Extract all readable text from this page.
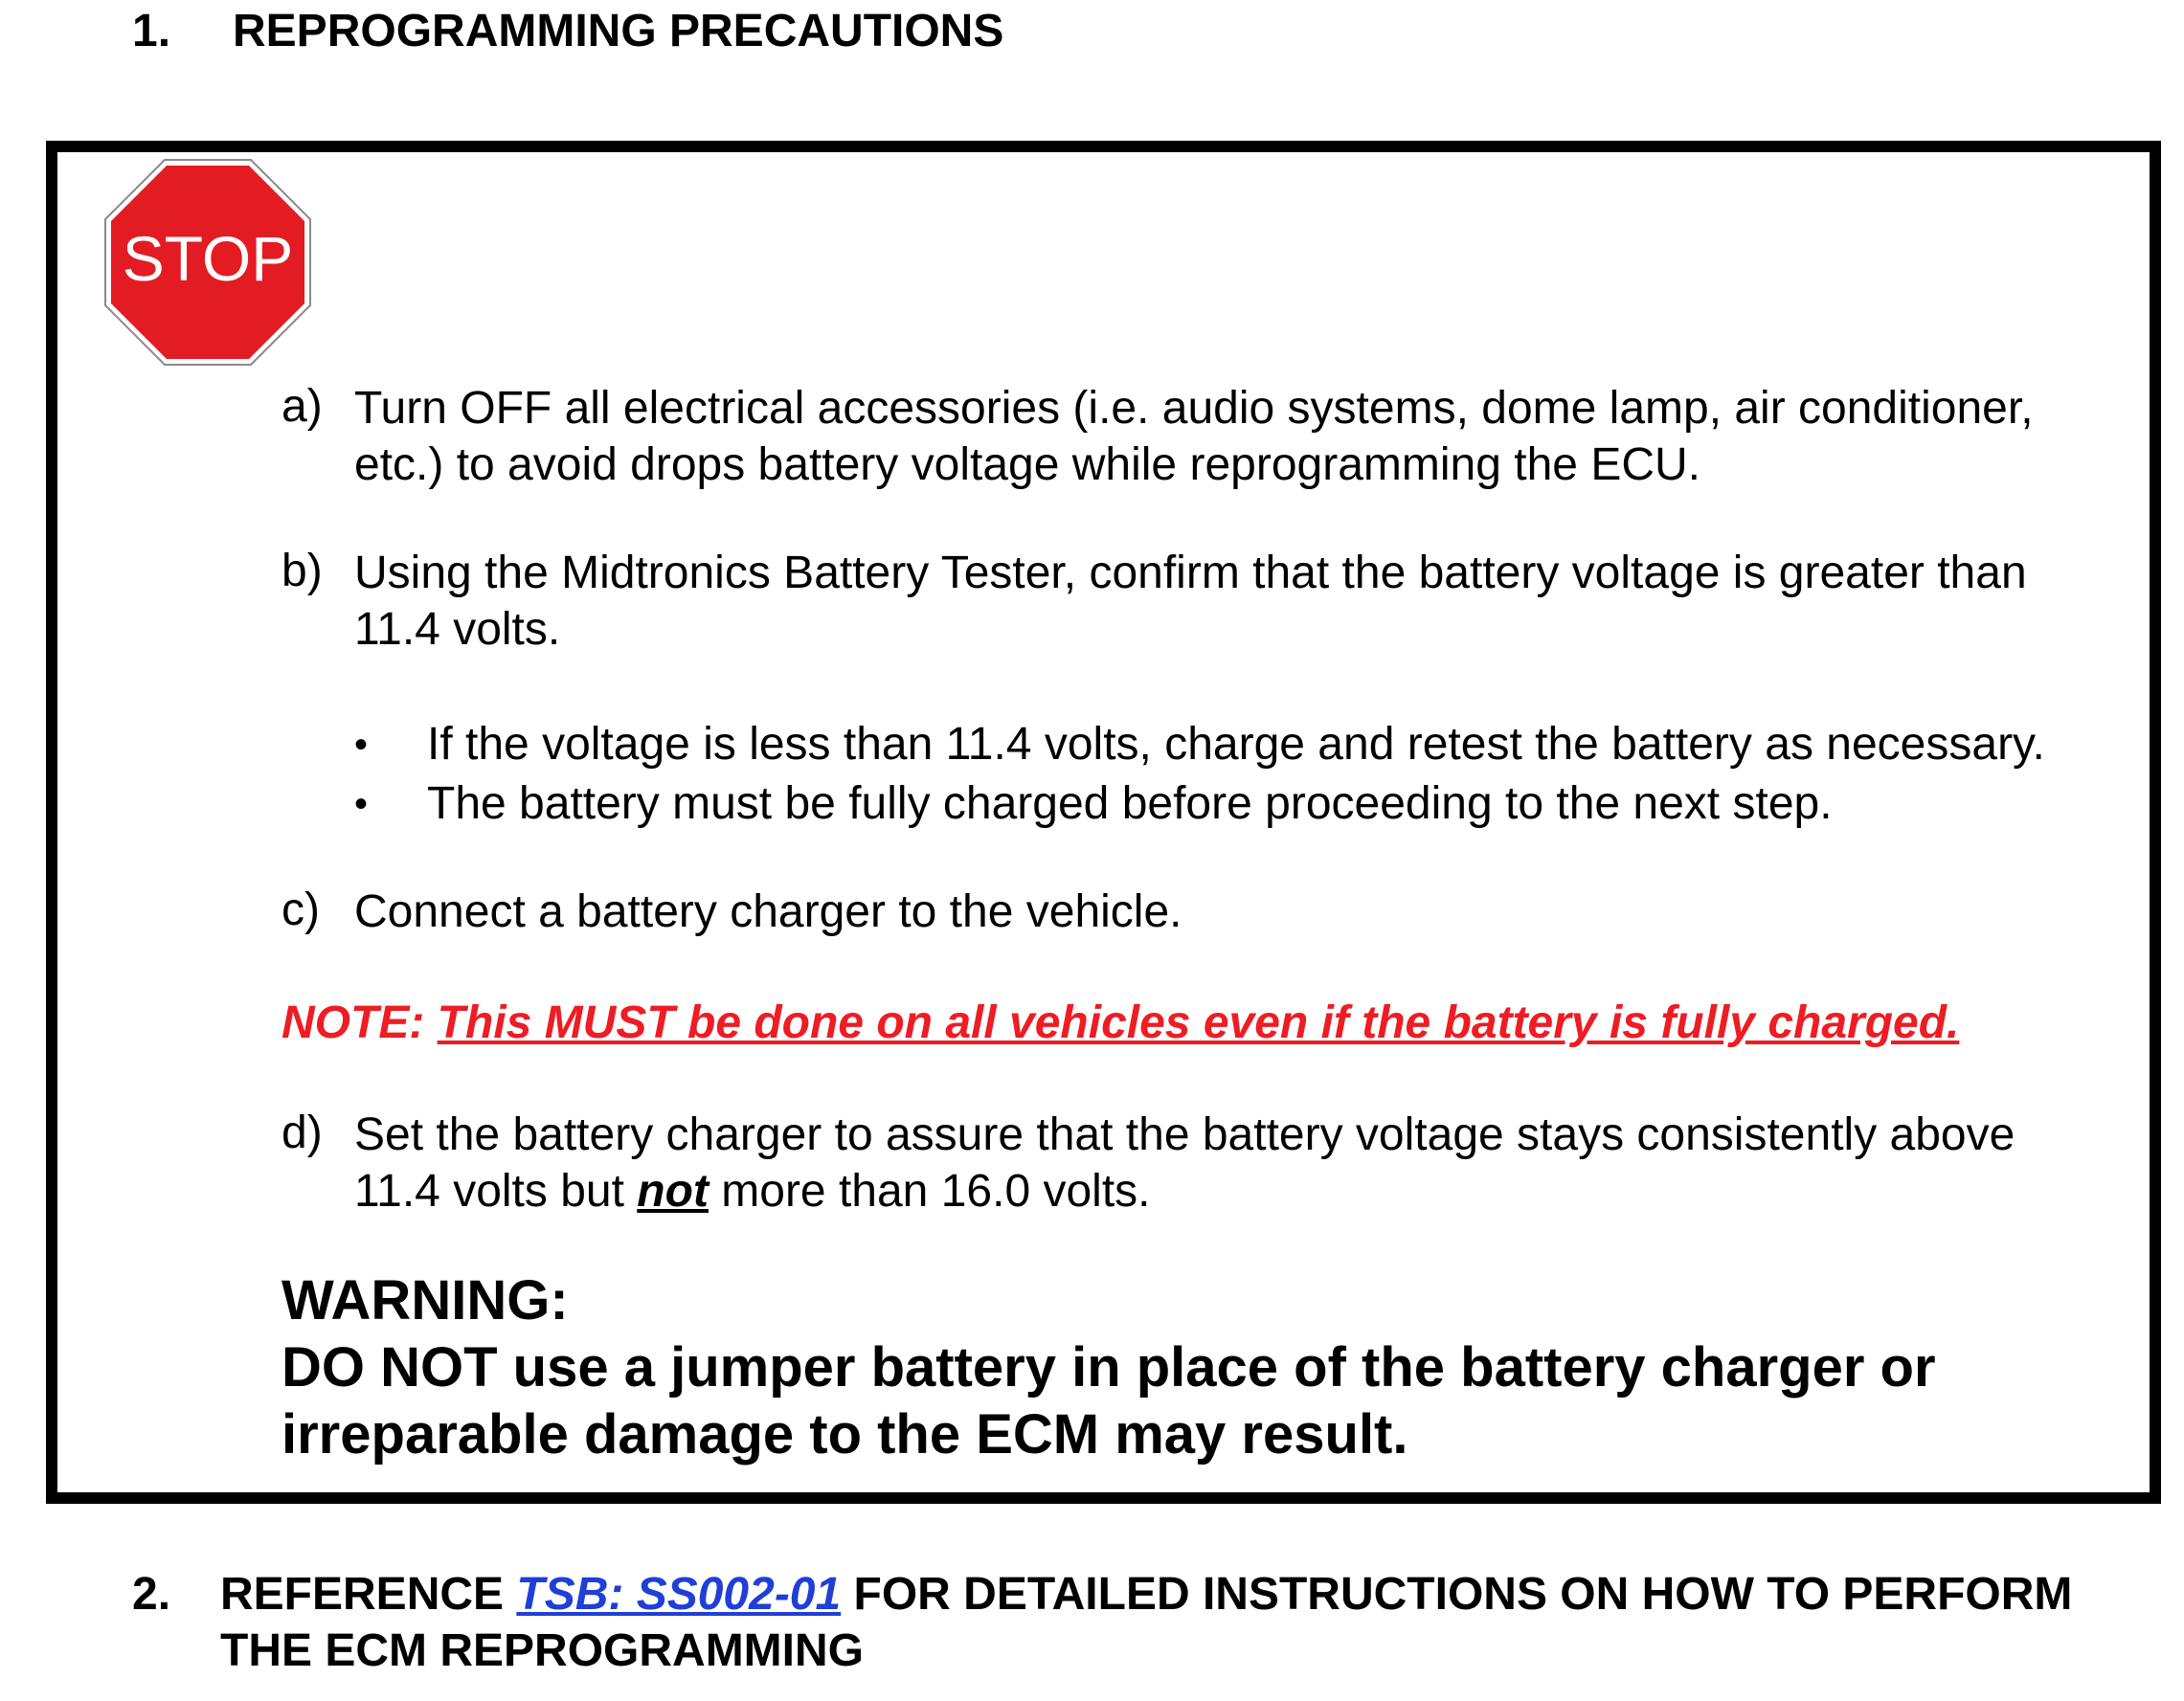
1. REPROGRAMMING PRECAUTIONS
STOP
a) Turn OFF all electrical accessories (i.e. audio systems, dome lamp, air conditioner,
etc.) to avoid drops battery voltage while reprogramming the ECU.
b) Using the Midtronics Battery Tester, confirm that the battery voltage is greater than
11.4 volts.
• If the voltage is less than 11.4 volts, charge and retest the battery as necessary.
• The battery must be fully charged before proceeding to the next step.
c) Connect a battery charger to the vehicle.
NOTE: This MUST be done on all vehicles even if the battery is fully charged.
d) Set the battery charger to assure that the battery voltage stays consistently above
11.4 volts but not more than 16.0 volts.
WARNING:
DO NOT use a jumper battery in place of the battery charger or
irreparable damage to the ECM may result.
2. REFERENCE TSB: SS002-01 FOR DETAILED INSTRUCTIONS ON HOW TO PERFORM
THE ECM REPROGRAMMING
